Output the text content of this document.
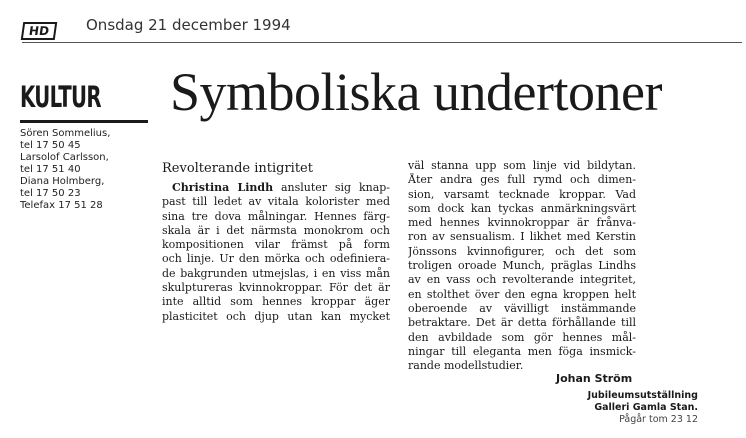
HD	Onsdag 21 december 1994
KULTUR
Sören Sommelius,
tel 17 50 45
Larsolof Carlsson,
tel 17 51 40
Diana Holmberg,
tel 17 50 23
Telefax 17 51 28
Symboliska undertoner
Revolterande intigritet
Christina Lindh ansluter sig knap-
past till ledet av vitala kolorister med
sina tre dova målningar. Hennes färg-
skala är i det närmsta monokrom och
kompositionen vilar främst på form
och linje. Ur den mörka och odefiniera-
de bakgrunden utmejslas, i en viss mån
skulptureras kvinnokroppar. För det är
inte alltid som hennes kroppar äger
plasticitet och djup utan kan mycket
väl stanna upp som linje vid bildytan.
Åter andra ges full rymd och dimen-
sion, varsamt tecknade kroppar. Vad
som dock kan tyckas anmärkningsvärt
med hennes kvinnokroppar är frånva-
ron av sensualism. I likhet med Kerstin
Jönssons kvinnofigurer, och det som
troligen oroade Munch, präglas Lindhs
av en vass och revolterande integritet,
en stolthet över den egna kroppen helt
oberoende av vävilligt instämmande
betraktare. Det är detta förhållande till
den avbildade som gör hennes mål-
ningar till eleganta men föga insmick-
rande modellstudier.
Johan Ström
Jubileumsutställning
Galleri Gamla Stan.
Pågår tom 23 12
